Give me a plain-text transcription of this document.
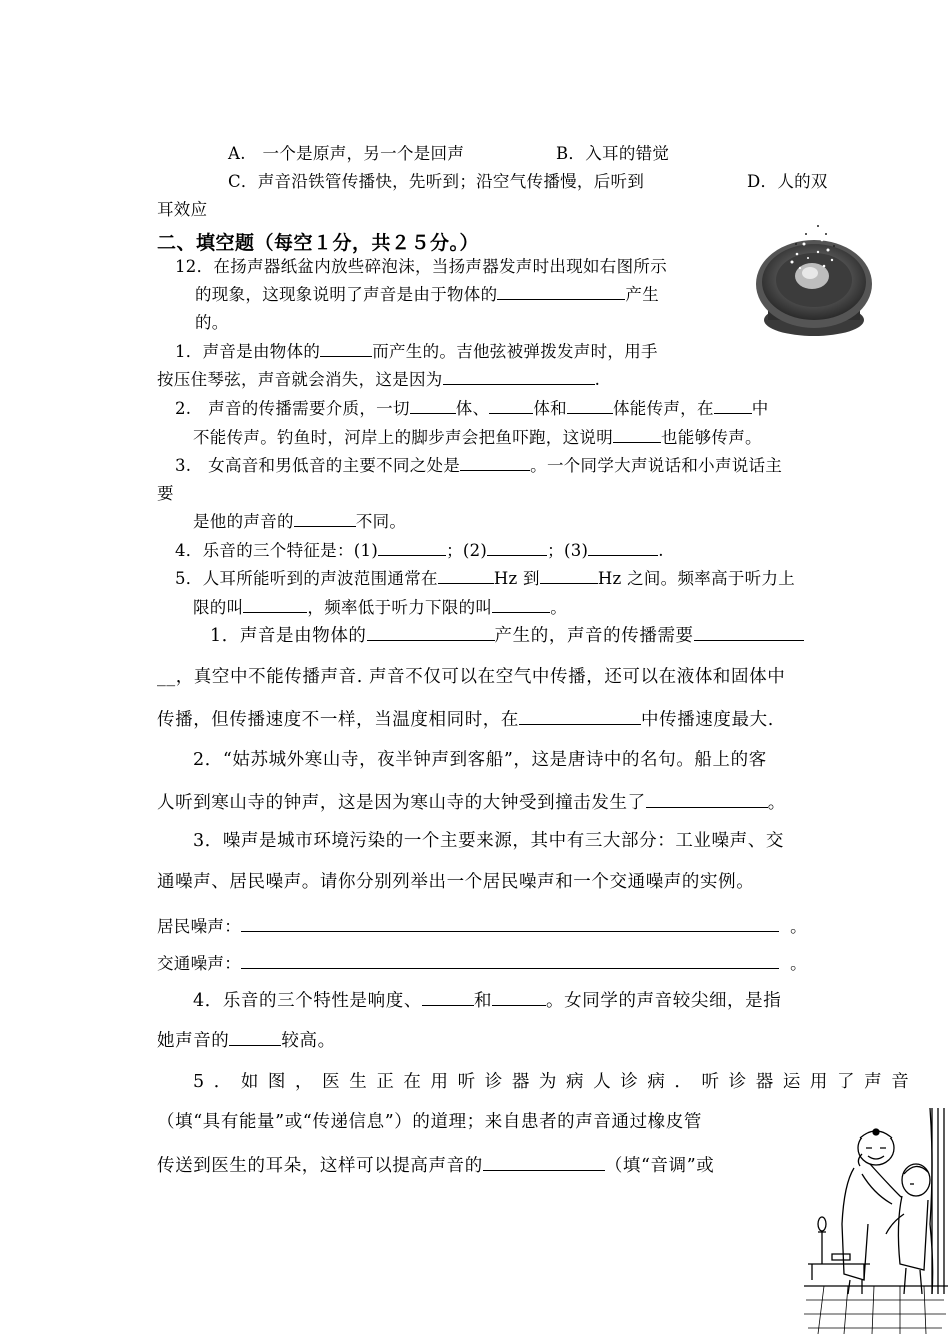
A.　一个是原声，另一个是回声	B．入耳的错觉
C．声音沿铁管传播快，先听到；沿空气传播慢，后听到	D．人的双
耳效应
二、填空题（每空１分，共２５分。）
12．在扬声器纸盆内放些碎泡沫，当扬声器发声时出现如右图所示
的现象，这现象说明了声音是由于物体的	产生
的。
1．声音是由物体的	而产生的。吉他弦被弹拨发声时，用手
按压住琴弦，声音就会消失，这是因为	.
2.　声音的传播需要介质，一切	体、	体和	体能传声，在 中
不能传声。钓鱼时，河岸上的脚步声会把鱼吓跑，这说明	也能够传声。
3.　女高音和男低音的主要不同之处是	。一个同学大声说话和小声说话主
要
是他的声音的	不同。
4．乐音的三个特征是：(1)	；(2)	；(3)	.
5．人耳所能听到的声波范围通常在	Hz 到	Hz 之间。频率高于听力上
限的叫	，频率低于听力下限的叫	。
1．声音是由物体的	产生的，声音的传播需要
__，真空中不能传播声音. 声音不仅可以在空气中传播，还可以在液体和固体中
传播，但传播速度不一样，当温度相同时，在	中传播速度最大.
2．“姑苏城外寒山寺，夜半钟声到客船”，这是唐诗中的名句。船上的客
人听到寒山寺的钟声，这是因为寒山寺的大钟受到撞击发生了	。
3．噪声是城市环境污染的一个主要来源，其中有三大部分：工业噪声、交
通噪声、居民噪声。请你分别列举出一个居民噪声和一个交通噪声的实例。
居民噪声：	。
交通噪声：	。
4．乐音的三个特性是响度、	和	。女同学的声音较尖细，是指
她声音的	较高。
5．如图，医生正在用听诊器为病人诊病．听诊器运用了声音
（填“具有能量”或“传递信息”）的道理；来自患者的声音通过橡皮管
传送到医生的耳朵，这样可以提高声音的	（填“音调”或
